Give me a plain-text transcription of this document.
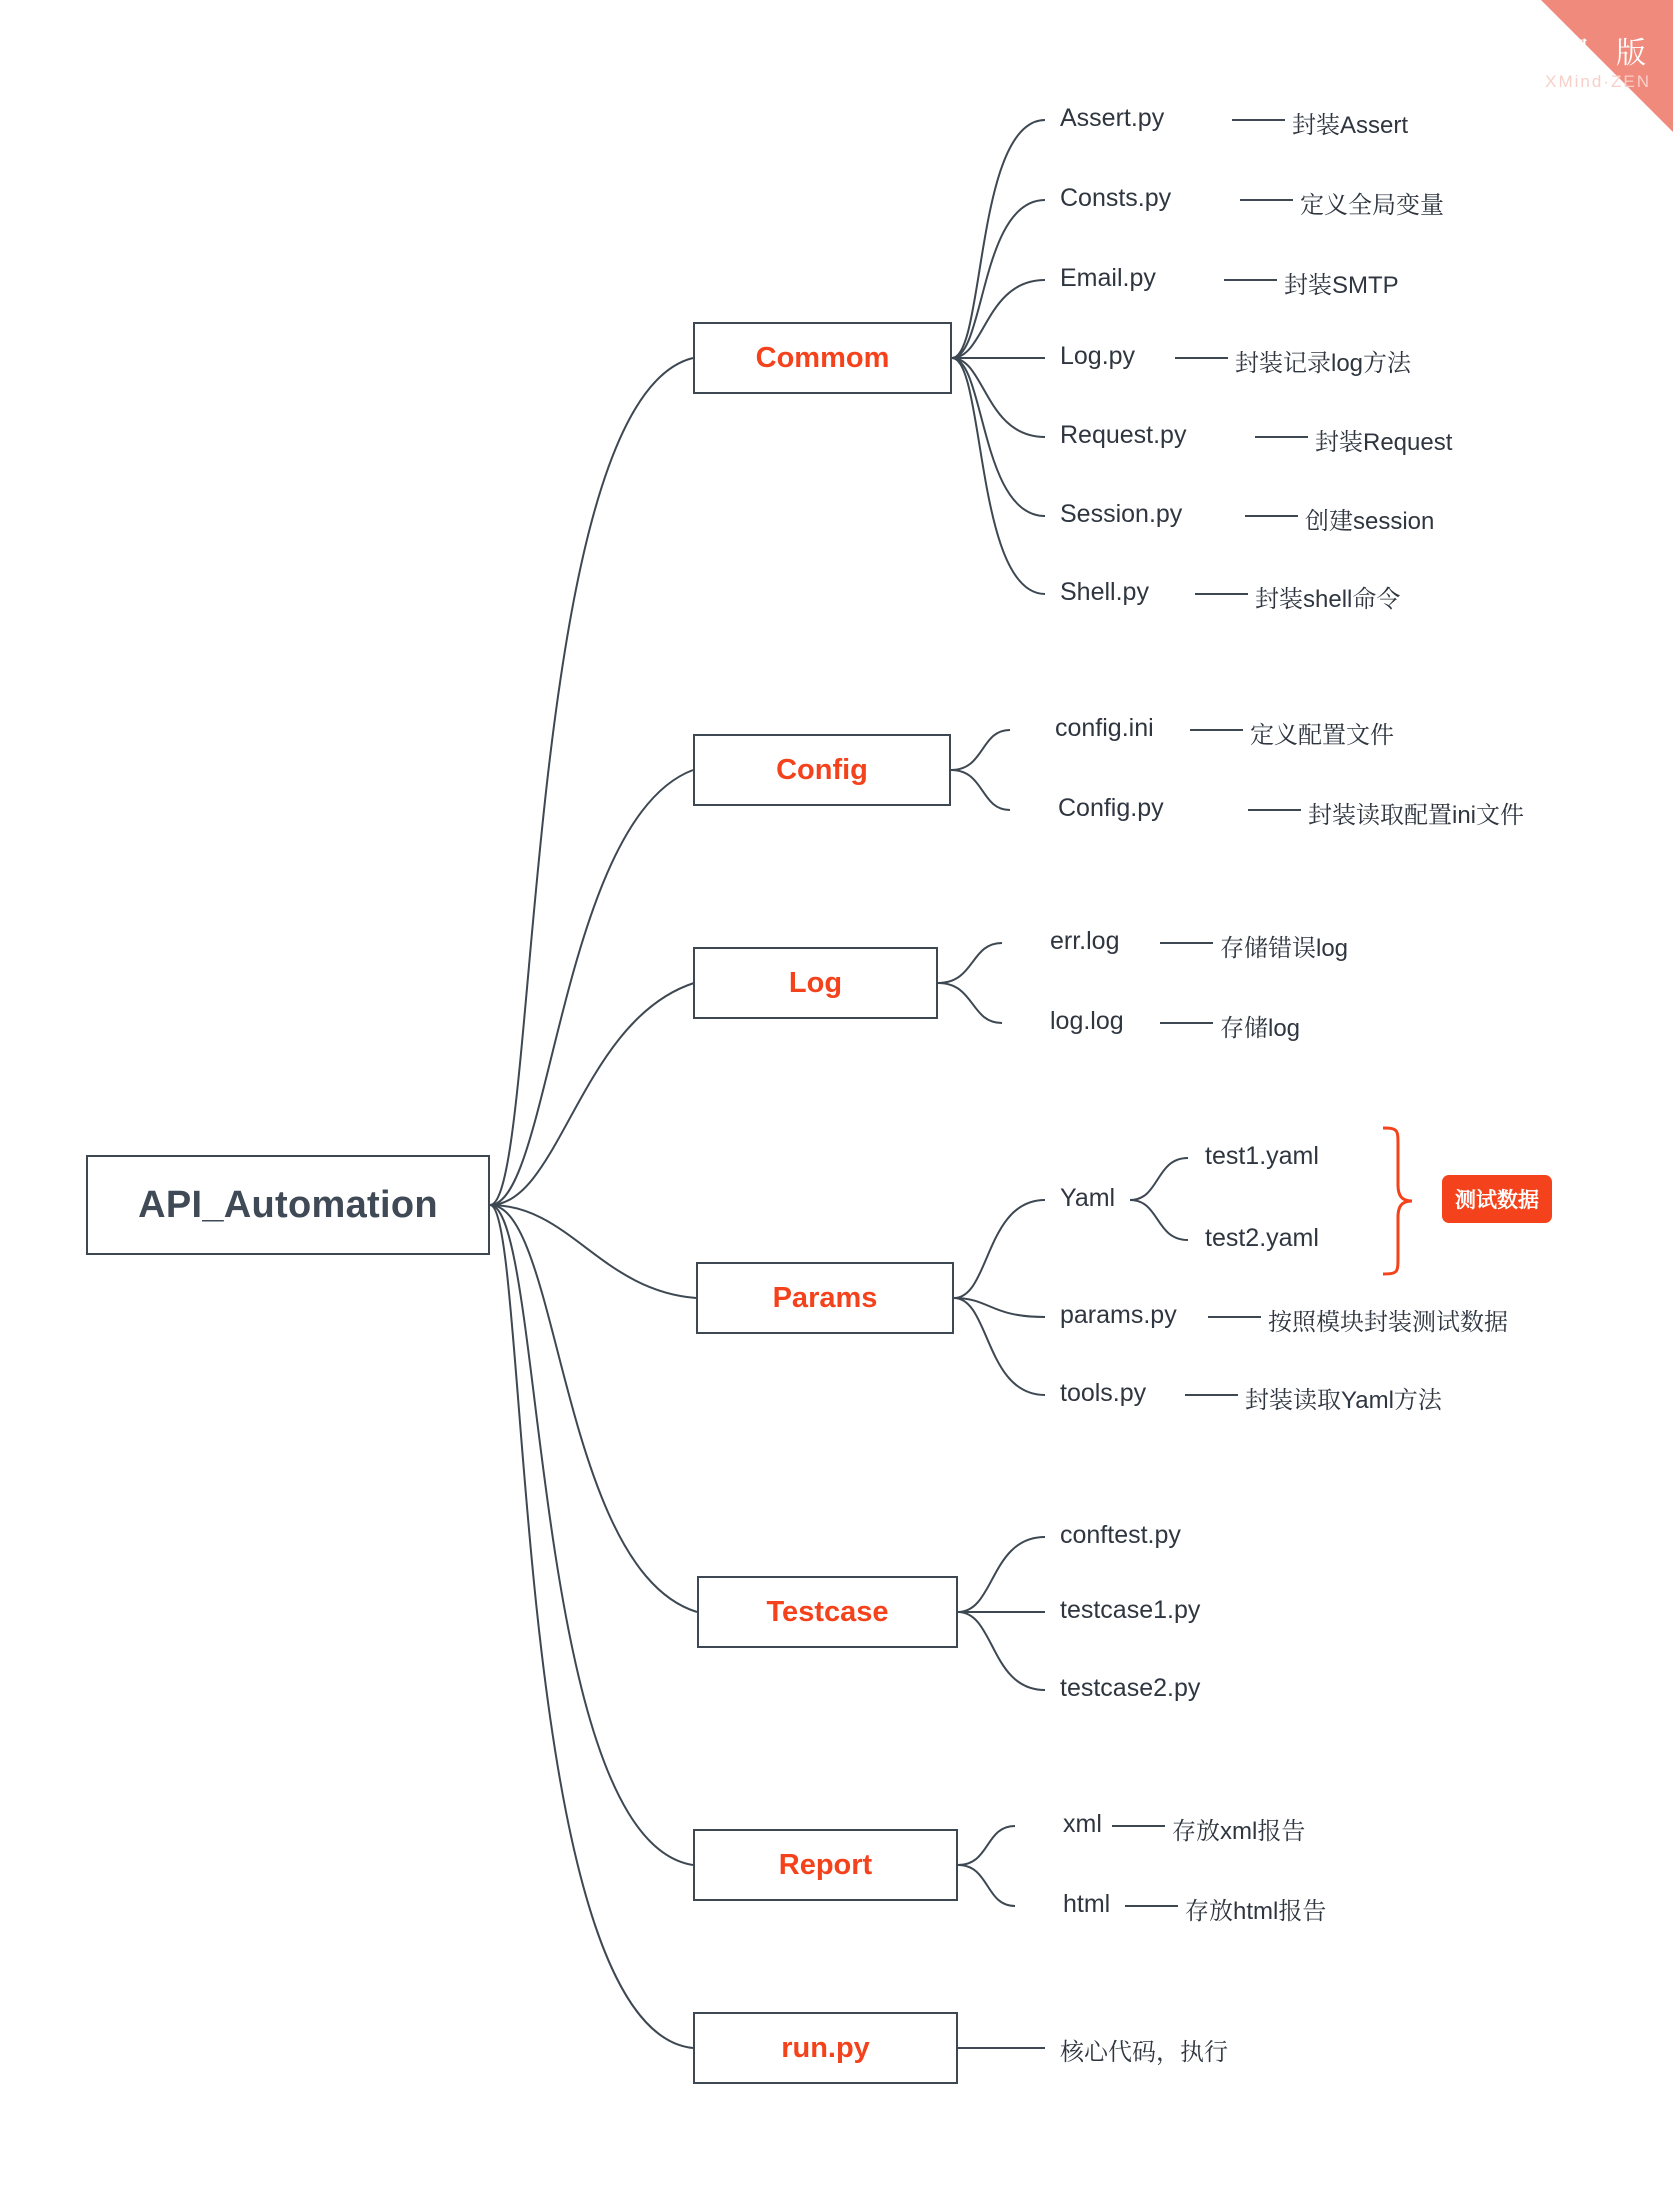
API_Automation
Commom
Config
Log
Params
Testcase
Report
run.py
Assert.py	封装Assert
Consts.py	定义全局变量
Email.py	封装SMTP
Log.py	封装记录log方法
Request.py	封装Request
Session.py	创建session
Shell.py	封装shell命令
config.ini	定义配置文件
Config.py	封装读取配置ini文件
err.log	存储错误log
log.log	存储log
Yaml
test1.yaml
test2.yaml
测试数据
params.py	按照模块封装测试数据
tools.py	封装读取Yaml方法
conftest.py
testcase1.py
testcase2.py
xml	存放xml报告
html	存放html报告
核心代码，执行
试 用 版
XMind·ZEN
